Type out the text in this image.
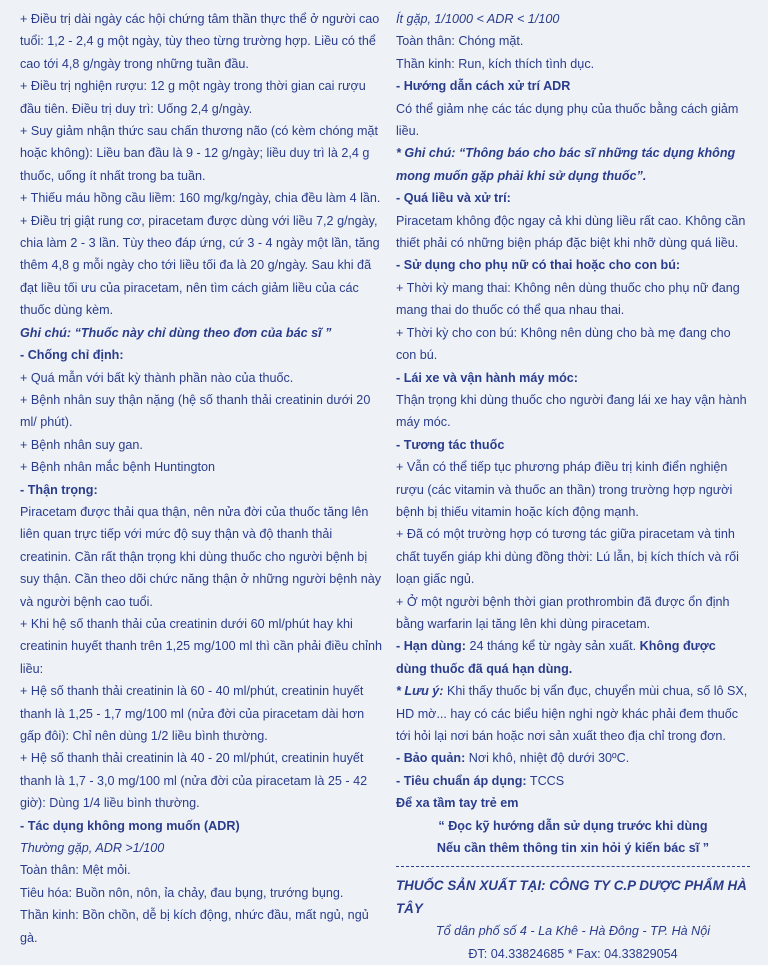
+ Điều trị dài ngày các hội chứng tâm thần thực thể ở người cao tuổi: 1,2 - 2,4 g một ngày, tùy theo từng trường hợp. Liều có thể cao tới 4,8 g/ngày trong những tuần đầu.
+ Điều trị nghiện rượu: 12 g một ngày trong thời gian cai rượu đầu tiên. Điều trị duy trì: Uống 2,4 g/ngày.
+ Suy giảm nhận thức sau chấn thương não (có kèm chóng mặt hoặc không): Liều ban đầu là 9 - 12 g/ngày; liều duy trì là 2,4 g thuốc, uống ít nhất trong ba tuần.
+ Thiếu máu hồng cầu liềm: 160 mg/kg/ngày, chia đều làm 4 lần.
+ Điều trị giật rung cơ, piracetam được dùng với liều 7,2 g/ngày, chia làm 2 - 3 lần. Tùy theo đáp ứng, cứ 3 - 4 ngày một lần, tăng thêm 4,8 g mỗi ngày cho tới liều tối đa là 20 g/ngày. Sau khi đã đạt liều tối ưu của piracetam, nên tìm cách giảm liều của các thuốc dùng kèm.
Ghi chú: “Thuốc này chỉ dùng theo đơn của bác sĩ ”
- Chống chỉ định:
+ Quá mẫn với bất kỳ thành phần nào của thuốc.
+ Bệnh nhân suy thận nặng (hệ số thanh thải creatinin dưới 20 ml/ phút).
+ Bệnh nhân suy gan.
+ Bệnh nhân mắc bệnh Huntington
- Thận trọng:
Piracetam được thải qua thận, nên nửa đời của thuốc tăng lên liên quan trực tiếp với mức độ suy thận và độ thanh thải creatinin. Cần rất thận trọng khi dùng thuốc cho người bệnh bị suy thận. Cần theo dõi chức năng thận ở những người bệnh này và người bệnh cao tuổi.
+ Khi hệ số thanh thải của creatinin dưới 60 ml/phút hay khi creatinin huyết thanh trên 1,25 mg/100 ml thì cần phải điều chỉnh liều:
+ Hệ số thanh thải creatinin là 60 - 40 ml/phút, creatinin huyết thanh là 1,25 - 1,7 mg/100 ml (nửa đời của piracetam dài hơn gấp đôi): Chỉ nên dùng 1/2 liều bình thường.
+ Hệ số thanh thải creatinin là 40 - 20 ml/phút, creatinin huyết thanh là 1,7 - 3,0 mg/100 ml (nửa đời của piracetam là 25 - 42 giờ): Dùng 1/4 liều bình thường.
- Tác dụng không mong muốn (ADR)
Thường gặp, ADR >1/100
Toàn thân: Mệt mỏi.
Tiêu hóa: Buồn nôn, nôn, ỉa chảy, đau bụng, trướng bụng.
Thần kinh: Bồn chồn, dễ bị kích động, nhức đầu, mất ngủ, ngủ gà.
Ít gặp, 1/1000 < ADR < 1/100
Toàn thân: Chóng mặt.
Thần kinh: Run, kích thích tình dục.
- Hướng dẫn cách xử trí ADR
Có thể giảm nhẹ các tác dụng phụ của thuốc bằng cách giảm liều.
* Ghi chú: “Thông báo cho bác sĩ những tác dụng không mong muốn gặp phải khi sử dụng thuốc”.
- Quá liều và xử trí:
Piracetam không độc ngay cả khi dùng liều rất cao. Không cần thiết phải có những biện pháp đặc biệt khi nhỡ dùng quá liều.
- Sử dụng cho phụ nữ có thai hoặc cho con bú:
+ Thời kỳ mang thai: Không nên dùng thuốc cho phụ nữ đang mang thai do thuốc có thể qua nhau thai.
+ Thời kỳ cho con bú: Không nên dùng cho bà mẹ đang cho con bú.
- Lái xe và vận hành máy móc:
Thận trọng khi dùng thuốc cho người đang lái xe hay vận hành máy móc.
- Tương tác thuốc
+ Vẫn có thể tiếp tục phương pháp điều trị kinh điển nghiện rượu (các vitamin và thuốc an thần) trong trường hợp người bệnh bị thiếu vitamin hoặc kích động mạnh.
+ Đã có một trường hợp có tương tác giữa piracetam và tinh chất tuyến giáp khi dùng đồng thời: Lú lẫn, bị kích thích và rối loạn giấc ngủ.
+ Ở một người bệnh thời gian prothrombin đã được ổn định bằng warfarin lại tăng lên khi dùng piracetam.
- Hạn dùng: 24 tháng kể từ ngày sản xuất. Không được dùng thuốc đã quá hạn dùng.
* Lưu ý: Khi thấy thuốc bị vẩn đục, chuyển mùi chua, số lô SX, HD mờ... hay có các biểu hiện nghi ngờ khác phải đem thuốc tới hỏi lại nơi bán hoặc nơi sản xuất theo địa chỉ trong đơn.
- Bảo quản: Nơi khô, nhiệt độ dưới 30ºC.
- Tiêu chuẩn áp dụng: TCCS
Để xa tầm tay trẻ em
“ Đọc kỹ hướng dẫn sử dụng trước khi dùng
Nếu cần thêm thông tin xin hỏi ý kiến bác sĩ ”
THUỐC SẢN XUẤT TẠI: CÔNG TY C.P DƯỢC PHẨM HÀ TÂY
Tổ dân phố số 4 - La Khê - Hà Đông - TP. Hà Nội
ĐT: 04.33824685 * Fax: 04.33829054
